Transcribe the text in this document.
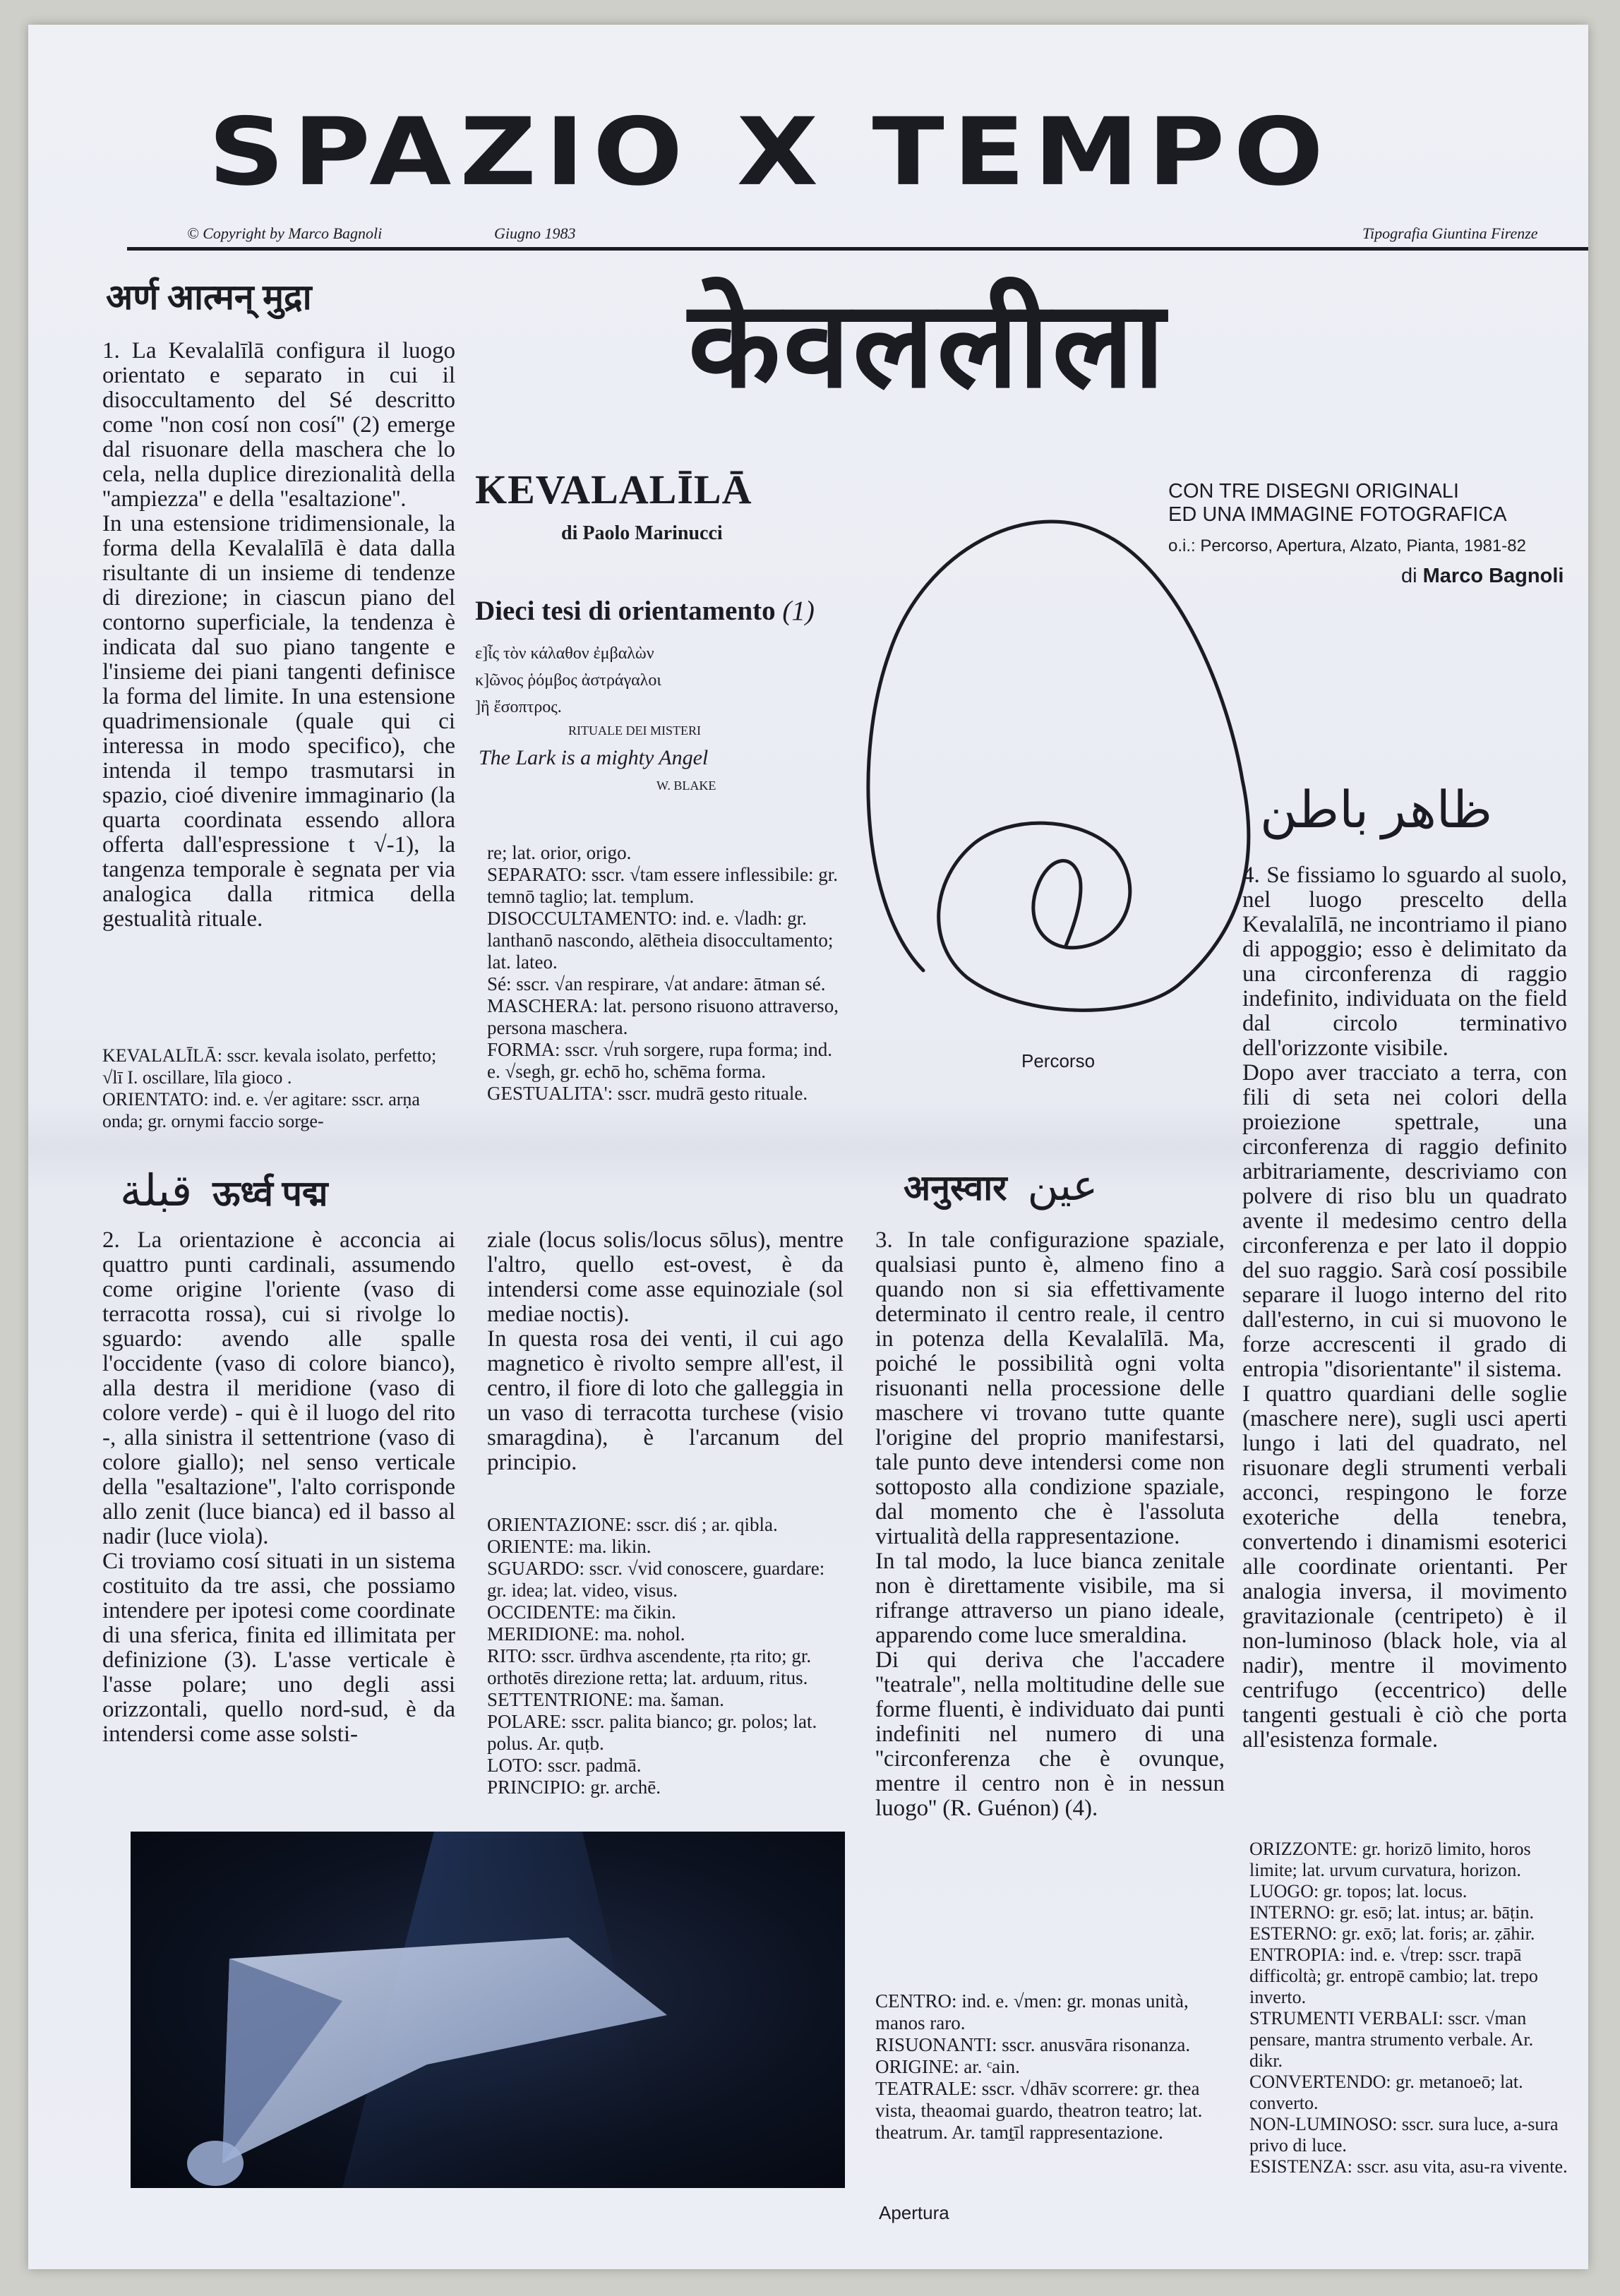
SPAZIO X TEMPO
© Copyright by Marco Bagnoli	Giugno 1983	Tipografia Giuntina Firenze
अर्ण आत्मन् मुद्रा

1. La Kevalalīlā configura il luogo orientato e separato in cui il disoccultamento del Sé descritto come ''non cosí non cosí'' (2) emerge dal risuonare della maschera che lo cela, nella duplice direzionalità della ''ampiezza'' e della ''esaltazione''.

In una estensione tridimensionale, la forma della Kevalalīlā è data dalla risultante di un insieme di tendenze di direzione; in ciascun piano del contorno superficiale, la tendenza è indicata dal suo piano tangente e l'insieme dei piani tangenti definisce la forma del limite. In una estensione quadrimensionale (quale qui ci interessa in modo specifico), che intenda il tempo trasmutarsi in spazio, cioé divenire immaginario (la quarta coordinata essendo allora offerta dall'espressione t √-1), la tangenza temporale è segnata per via analogica dalla ritmica della gestualità rituale.

KEVALALĪLĀ: sscr. kevala isolato, perfetto; √lī I. oscillare, līla gioco .

ORIENTATO: ind. e. √er agitare: sscr. arṇa onda; gr. ornymi faccio sorge-

केवललीला
KEVALALĪLĀ
di Paolo Marinucci
Dieci tesi di orientamento (1)
ε]ἶς τὸν κάλαθον ἐμβαλὼν
κ]ῶνος ῥόμβος ἀστράγαλοι
]ἢ ἔσοπτρος.
RITUALE DEI MISTERI
The Lark is a mighty Angel
W. BLAKE
CON TRE DISEGNI ORIGINALI
ED UNA IMMAGINE FOTOGRAFICA
o.i.: Percorso, Apertura, Alzato, Pianta, 1981-82
di Marco Bagnoli
Percorso

re; lat. orior, origo.

SEPARATO: sscr. √tam essere inflessibile: gr. temnō taglio; lat. templum.

DISOCCULTAMENTO: ind. e. √ladh: gr. lanthanō nascondo, alētheia disoccultamento; lat. lateo.

Sé: sscr. √an respirare, √at andare: ātman sé.

MASCHERA: lat. persono risuono attraverso, persona maschera.

FORMA: sscr. √ruh sorgere, rupa forma; ind. e. √segh, gr. echō ho, schēma forma.

GESTUALITA': sscr. mudrā gesto rituale.

ظاهر باطن

4. Se fissiamo lo sguardo al suolo, nel luogo prescelto della Kevalalīlā, ne incontriamo il piano di appoggio; esso è delimitato da una circonferenza di raggio indefinito, individuata on the field dal circolo terminativo dell'orizzonte visibile.

Dopo aver tracciato a terra, con fili di seta nei colori della proiezione spettrale, una circonferenza di raggio definito arbitrariamente, descriviamo con polvere di riso blu un quadrato avente il medesimo centro della circonferenza e per lato il doppio del suo raggio. Sarà cosí possibile separare il luogo interno del rito dall'esterno, in cui si muovono le forze accrescenti il grado di entropia ''disorientante'' il sistema.

I quattro quardiani delle soglie (maschere nere), sugli usci aperti lungo i lati del quadrato, nel risuonare degli strumenti verbali acconci, respingono le forze exoteriche della tenebra, convertendo i dinamismi esoterici alle coordinate orientanti. Per analogia inversa, il movimento gravitazionale (centripeto) è il non-luminoso (black hole, via al nadir), mentre il movimento centrifugo (eccentrico) delle tangenti gestuali è ciò che porta all'esistenza formale.

ORIZZONTE: gr. horizō limito, horos limite; lat. urvum curvatura, horizon.

LUOGO: gr. topos; lat. locus.

INTERNO: gr. esō; lat. intus; ar. bāṭin.

ESTERNO: gr. exō; lat. foris; ar. ẓāhir.

ENTROPIA: ind. e. √trep: sscr. trapā difficoltà; gr. entropē cambio; lat. trepo inverto.

STRUMENTI VERBALI: sscr. √man pensare, mantra strumento verbale. Ar. dikr.

CONVERTENDO: gr. metanoeō; lat. converto.

NON-LUMINOSO: sscr. sura luce, a-sura privo di luce.

ESISTENZA: sscr. asu vita, asu-ra vivente.

قبلة ऊर्ध्व पद्म

2. La orientazione è acconcia ai quattro punti cardinali, assumendo come origine l'oriente (vaso di terracotta rossa), cui si rivolge lo sguardo: avendo alle spalle l'occidente (vaso di colore bianco), alla destra il meridione (vaso di colore verde) - qui è il luogo del rito -, alla sinistra il settentrione (vaso di colore giallo); nel senso verticale della ''esaltazione'', l'alto corrisponde allo zenit (luce bianca) ed il basso al nadir (luce viola).

Ci troviamo cosí situati in un sistema costituito da tre assi, che possiamo intendere per ipotesi come coordinate di una sferica, finita ed illimitata per definizione (3). L'asse verticale è l'asse polare; uno degli assi orizzontali, quello nord-sud, è da intendersi come asse solsti-

ziale (locus solis/locus sōlus), mentre l'altro, quello est-ovest, è da intendersi come asse equinoziale (sol mediae noctis).

In questa rosa dei venti, il cui ago magnetico è rivolto sempre all'est, il centro, il fiore di loto che galleggia in un vaso di terracotta turchese (visio smaragdina), è l'arcanum del principio.

ORIENTAZIONE: sscr. diś ; ar. qibla.

ORIENTE: ma. likin.

SGUARDO: sscr. √vid conoscere, guardare: gr. idea; lat. video, visus.

OCCIDENTE: ma čikin.

MERIDIONE: ma. nohol.

RITO: sscr. ūrdhva ascendente, ṛta rito; gr. orthotēs direzione retta; lat. arduum, ritus.

SETTENTRIONE: ma. šaman.

POLARE: sscr. palita bianco; gr. polos; lat. polus. Ar. quṭb.

LOTO: sscr. padmā.

PRINCIPIO: gr. archē.

अनुस्वार عين

3. In tale configurazione spaziale, qualsiasi punto è, almeno fino a quando non si sia effettivamente determinato il centro reale, il centro in potenza della Kevalalīlā. Ma, poiché le possibilità ogni volta risuonanti nella processione delle maschere vi trovano tutte quante l'origine del proprio manifestarsi, tale punto deve intendersi come non sottoposto alla condizione spaziale, dal momento che è l'assoluta virtualità della rappresentazione.

In tal modo, la luce bianca zenitale non è direttamente visibile, ma si rifrange attraverso un piano ideale, apparendo come luce smeraldina.

Di qui deriva che l'accadere ''teatrale'', nella moltitudine delle sue forme fluenti, è individuato dai punti indefiniti nel numero di una ''circonferenza che è ovunque, mentre il centro non è in nessun luogo'' (R. Guénon) (4).

CENTRO: ind. e. √men: gr. monas unità, manos raro.

RISUONANTI: sscr. anusvāra risonanza.

ORIGINE: ar. ᶜain.

TEATRALE: sscr. √dhāv scorrere: gr. thea vista, theaomai guardo, theatron teatro; lat. theatrum. Ar. tamṯīl rappresentazione.

Apertura
